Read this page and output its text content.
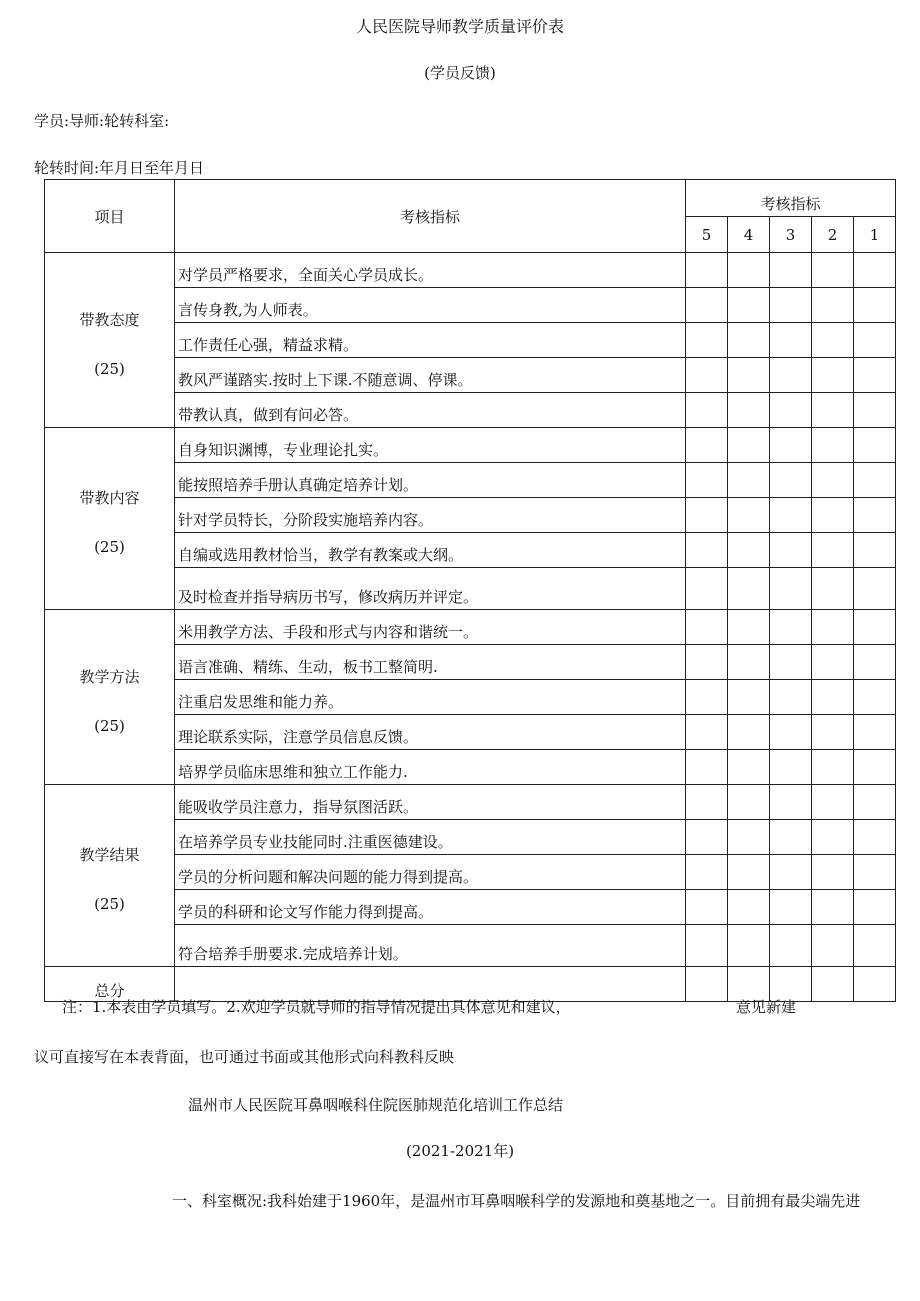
人民医院导师教学质量评价表
(学员反馈)
学员:导师:轮转科室:
轮转时间:年月日至年月日
项目	考核指标	考核指标				
		5	4	3	2	1

带教态度
(25)	对学员严格要求，全面关心学员成长。					
	言传身教,为人师表。					
	工作责任心强，精益求精。					
	教风严谨踏实.按时上下课.不随意调、停课。					
	带教认真，做到有问必答。					

带教内容
(25)	自身知识渊博，专业理论扎实。					
	能按照培养手册认真确定培养计划。					
	针对学员特长，分阶段实施培养内容。					
	自编或选用教材恰当，教学有教案或大纲。					
	及时检查并指导病历书写，修改病历并评定。					

教学方法
(25)	米用教学方法、手段和形式与内容和谐统一。					
	语言准确、精练、生动，板书工整简明.					
	注重启发思维和能力养。					
	理论联系实际，注意学员信息反馈。					
	培界学员临床思维和独立工作能力.					

教学结果
(25)	能吸收学员注意力，指导氛图活跃。					
	在培养学员专业技能同时.注重医德建设。					
	学员的分析问题和解决问题的能力得到提高。					
	学员的科研和论文写作能力得到提高。					
	符合培养手册要求.完成培养计划。					
总分						
注：1.本表由学员填写。2.欢迎学员就导师的指导情况提出具体意见和建议，	意见新建
议可直接写在本表背面，也可通过书面或其他形式向科教科反映
温州市人民医院耳鼻咽喉科住院医肺规范化培训工作总结
(2021-2021年)
一、科室概况:我科始建于1960年，是温州市耳鼻咽喉科学的发源地和奠基地之一。目前拥有最尖端先进
